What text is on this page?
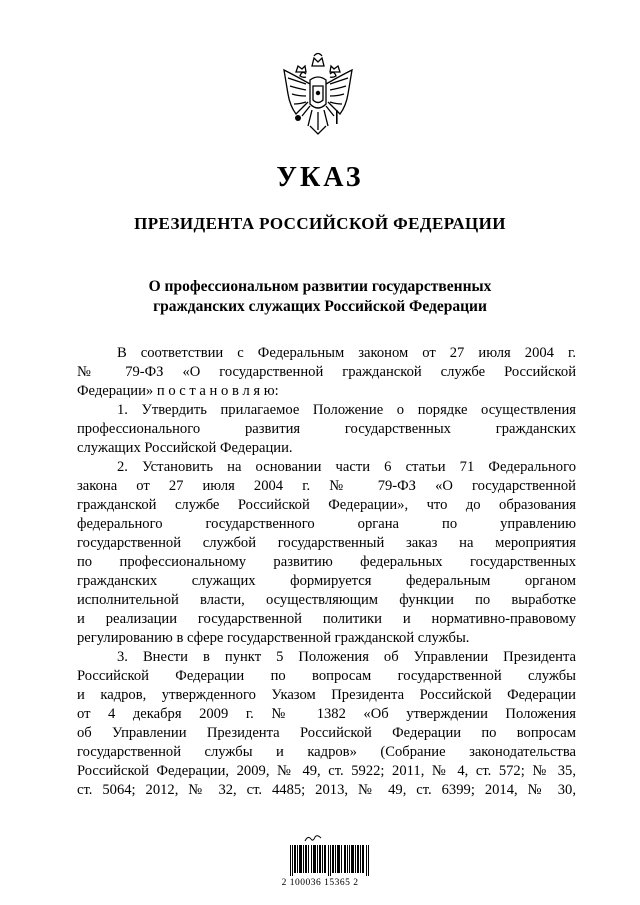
УКАЗ
ПРЕЗИДЕНТА РОССИЙСКОЙ ФЕДЕРАЦИИ
О профессиональном развитии государственных
гражданских служащих Российской Федерации
В соответствии с Федеральным законом от 27 июля 2004 г.
№ 79-ФЗ «О государственной гражданской службе Российской
Федерации» п о с т а н о в л я ю:
1. Утвердить прилагаемое Положение о порядке осуществления
профессионального развития государственных гражданских
служащих Российской Федерации.
2. Установить на основании части 6 статьи 71 Федерального
закона от 27 июля 2004 г. № 79-ФЗ «О государственной
гражданской службе Российской Федерации», что до образования
федерального государственного органа по управлению
государственной службой государственный заказ на мероприятия
по профессиональному развитию федеральных государственных
гражданских служащих формируется федеральным органом
исполнительной власти, осуществляющим функции по выработке
и реализации государственной политики и нормативно-правовому
регулированию в сфере государственной гражданской службы.
3. Внести в пункт 5 Положения об Управлении Президента
Российской Федерации по вопросам государственной службы
и кадров, утвержденного Указом Президента Российской Федерации
от 4 декабря 2009 г. № 1382 «Об утверждении Положения
об Управлении Президента Российской Федерации по вопросам
государственной службы и кадров» (Собрание законодательства
Российской Федерации, 2009, № 49, ст. 5922; 2011, № 4, ст. 572; № 35,
ст. 5064; 2012, № 32, ст. 4485; 2013, № 49, ст. 6399; 2014, № 30,
2 100036 15365 2
